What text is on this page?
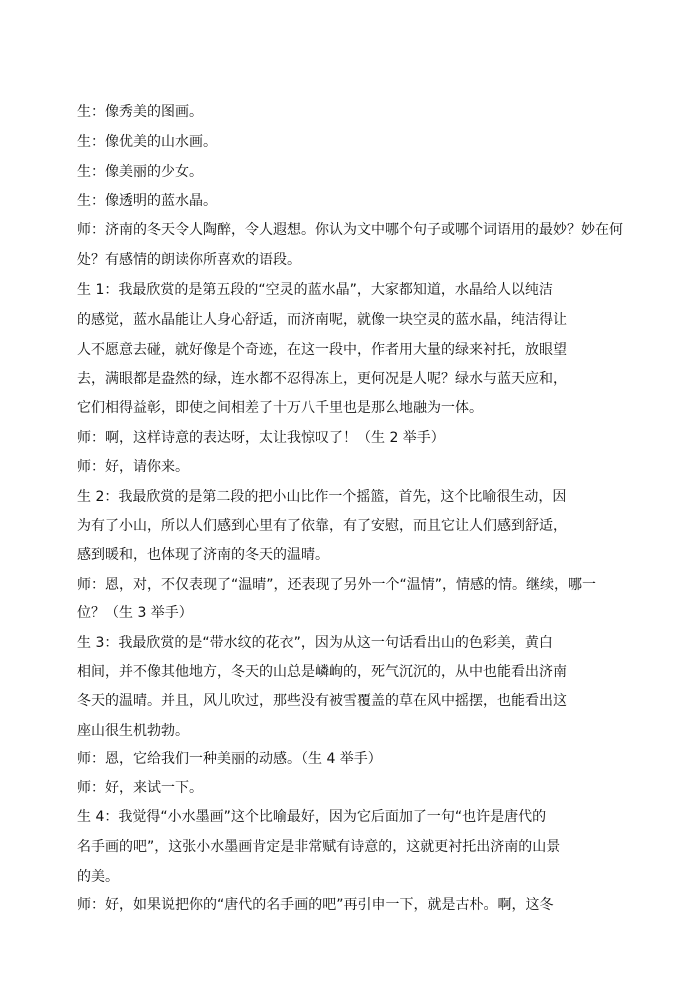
生：像秀美的图画。
生：像优美的山水画。
生：像美丽的少女。
生：像透明的蓝水晶。
师：济南的冬天令人陶醉，令人遐想。你认为文中哪个句子或哪个词语用的最妙？妙在何
处？有感情的朗读你所喜欢的语段。
生 1：我最欣赏的是第五段的“空灵的蓝水晶”，大家都知道，水晶给人以纯洁
的感觉，蓝水晶能让人身心舒适，而济南呢，就像一块空灵的蓝水晶，纯洁得让
人不愿意去碰，就好像是个奇迹，在这一段中，作者用大量的绿来衬托，放眼望
去，满眼都是盎然的绿，连水都不忍得冻上，更何况是人呢？绿水与蓝天应和，
它们相得益彰，即使之间相差了十万八千里也是那么地融为一体。
师：啊，这样诗意的表达呀，太让我惊叹了！（生 2 举手）
师：好，请你来。
生 2：我最欣赏的是第二段的把小山比作一个摇篮，首先，这个比喻很生动，因
为有了小山，所以人们感到心里有了依靠，有了安慰，而且它让人们感到舒适，
感到暖和，也体现了济南的冬天的温晴。
师：恩，对，不仅表现了“温晴”，还表现了另外一个“温情”，情感的情。继续，哪一
位？（生 3 举手）
生 3：我最欣赏的是“带水纹的花衣”，因为从这一句话看出山的色彩美，黄白
相间，并不像其他地方，冬天的山总是嶙峋的，死气沉沉的，从中也能看出济南
冬天的温晴。并且，风儿吹过，那些没有被雪覆盖的草在风中摇摆，也能看出这
座山很生机勃勃。
师：恩，它给我们一种美丽的动感。（生 4 举手）
师：好，来试一下。
生 4：我觉得“小水墨画”这个比喻最好，因为它后面加了一句“也许是唐代的
名手画的吧”，这张小水墨画肯定是非常赋有诗意的，这就更衬托出济南的山景
的美。
师：好，如果说把你的“唐代的名手画的吧”再引申一下，就是古朴。啊，这冬
